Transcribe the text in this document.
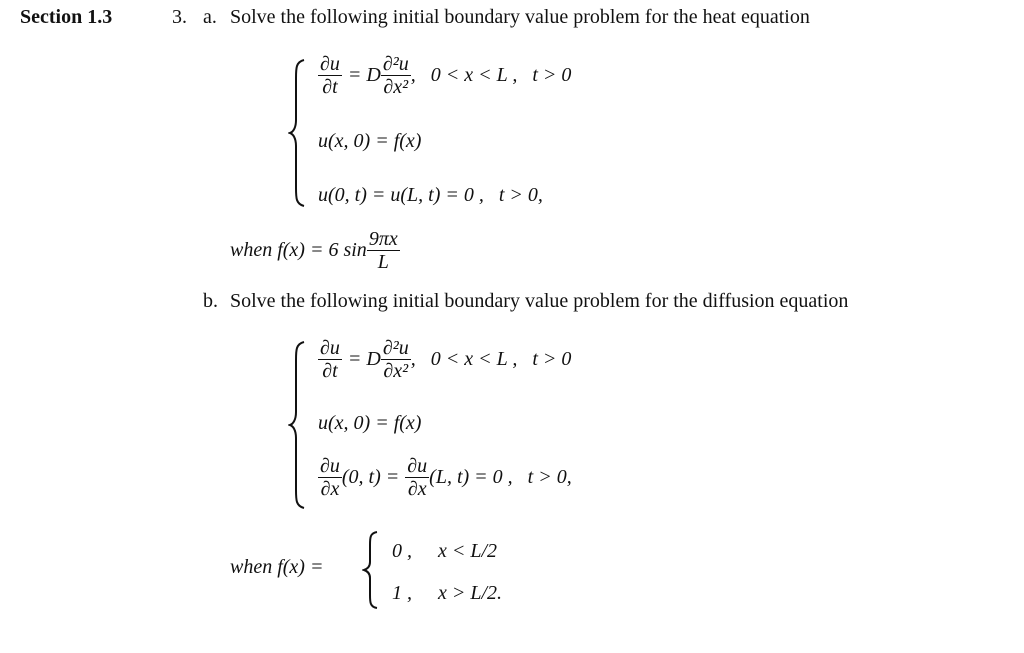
Section 1.3	3. a. Solve the following initial boundary value problem for the heat equation
$\frac{\partial u}{\partial t} = D \frac{\text{∂²u}}{\text{∂x²}}$ ,   0 < x < L ,   t > 0
u(x, 0) = f(x)
u(0, t) = u(L, t) = 0 ,   t > 0,
when f(x) = 6 $\sin \frac{9\pi x}{L}$
b. Solve the following initial boundary value problem for the diffusion equation
$\frac{\partial u}{\partial t} = D \frac{\text{∂²u}}{\text{∂x²}}$ ,   0 < x < L ,   t > 0
u(x, 0) = f(x)
$\frac{\partial u}{\partial x} (0$, $t) = \frac{\partial u}{\partial x} (L$, t) = 0 ,   t > 0,
when f(x) =
0 , x < L/2
1 , x > L/2.
